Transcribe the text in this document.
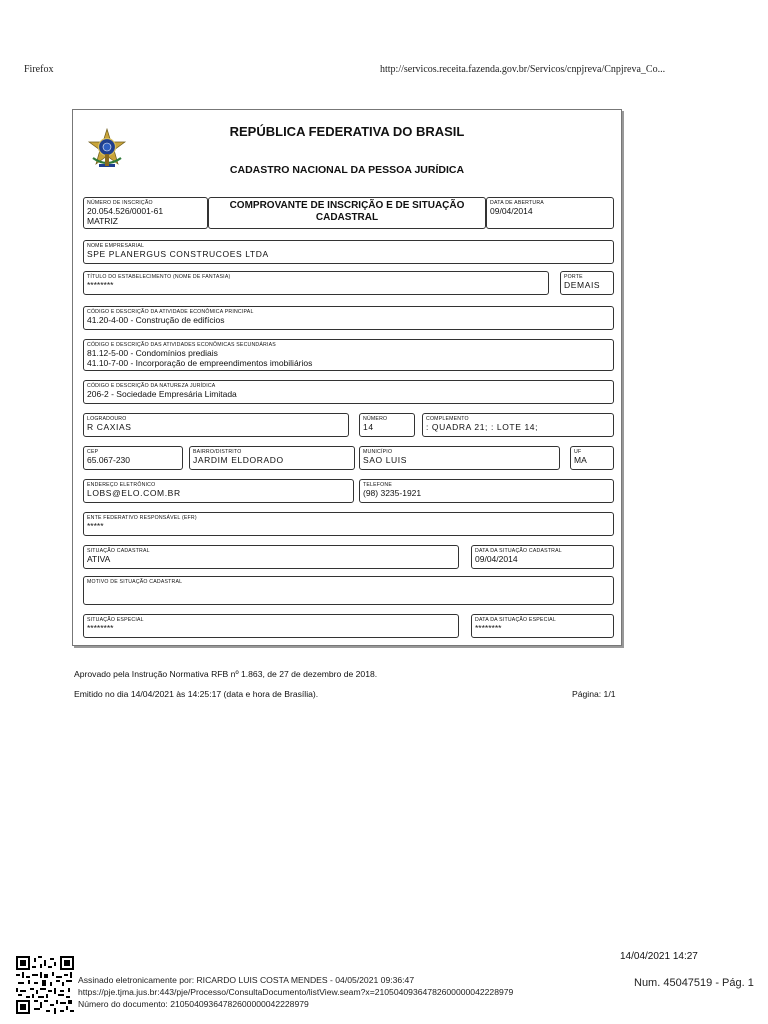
Firefox	http://servicos.receita.fazenda.gov.br/Servicos/cnpjreva/Cnpjreva_Co...
REPÚBLICA FEDERATIVA DO BRASIL
CADASTRO NACIONAL DA PESSOA JURÍDICA
NÚMERO DE INSCRIÇÃO
20.054.526/0001-61
MATRIZ
COMPROVANTE DE INSCRIÇÃO E DE SITUAÇÃO CADASTRAL
DATA DE ABERTURA
09/04/2014
NOME EMPRESARIAL
SPE PLANERGUS CONSTRUCOES LTDA
TÍTULO DO ESTABELECIMENTO (NOME DE FANTASIA)
********
PORTE
DEMAIS
CÓDIGO E DESCRIÇÃO DA ATIVIDADE ECONÔMICA PRINCIPAL
41.20-4-00 - Construção de edifícios
CÓDIGO E DESCRIÇÃO DAS ATIVIDADES ECONÔMICAS SECUNDÁRIAS
81.12-5-00 - Condomínios prediais
41.10-7-00 - Incorporação de empreendimentos imobiliários
CÓDIGO E DESCRIÇÃO DA NATUREZA JURÍDICA
206-2 - Sociedade Empresária Limitada
LOGRADOURO
R CAXIAS
NÚMERO
14
COMPLEMENTO
: QUADRA 21; : LOTE 14;
CEP
65.067-230
BAIRRO/DISTRITO
JARDIM ELDORADO
MUNICÍPIO
SAO LUIS
UF
MA
ENDEREÇO ELETRÔNICO
LOBS@ELO.COM.BR
TELEFONE
(98) 3235-1921
ENTE FEDERATIVO RESPONSÁVEL (EFR)
*****
SITUAÇÃO CADASTRAL
ATIVA
DATA DA SITUAÇÃO CADASTRAL
09/04/2014
MOTIVO DE SITUAÇÃO CADASTRAL
SITUAÇÃO ESPECIAL
********
DATA DA SITUAÇÃO ESPECIAL
********
Aprovado pela Instrução Normativa RFB nº 1.863, de 27 de dezembro de 2018.
Emitido no dia 14/04/2021 às 14:25:17 (data e hora de Brasília).	Página: 1/1
14/04/2021 14:27
Assinado eletronicamente por: RICARDO LUIS COSTA MENDES - 04/05/2021 09:36:47
https://pje.tjma.jus.br:443/pje/Processo/ConsultaDocumento/listView.seam?x=21050409364782600000042228979
Número do documento: 21050409364782600000042228979
Num. 45047519 - Pág. 1
